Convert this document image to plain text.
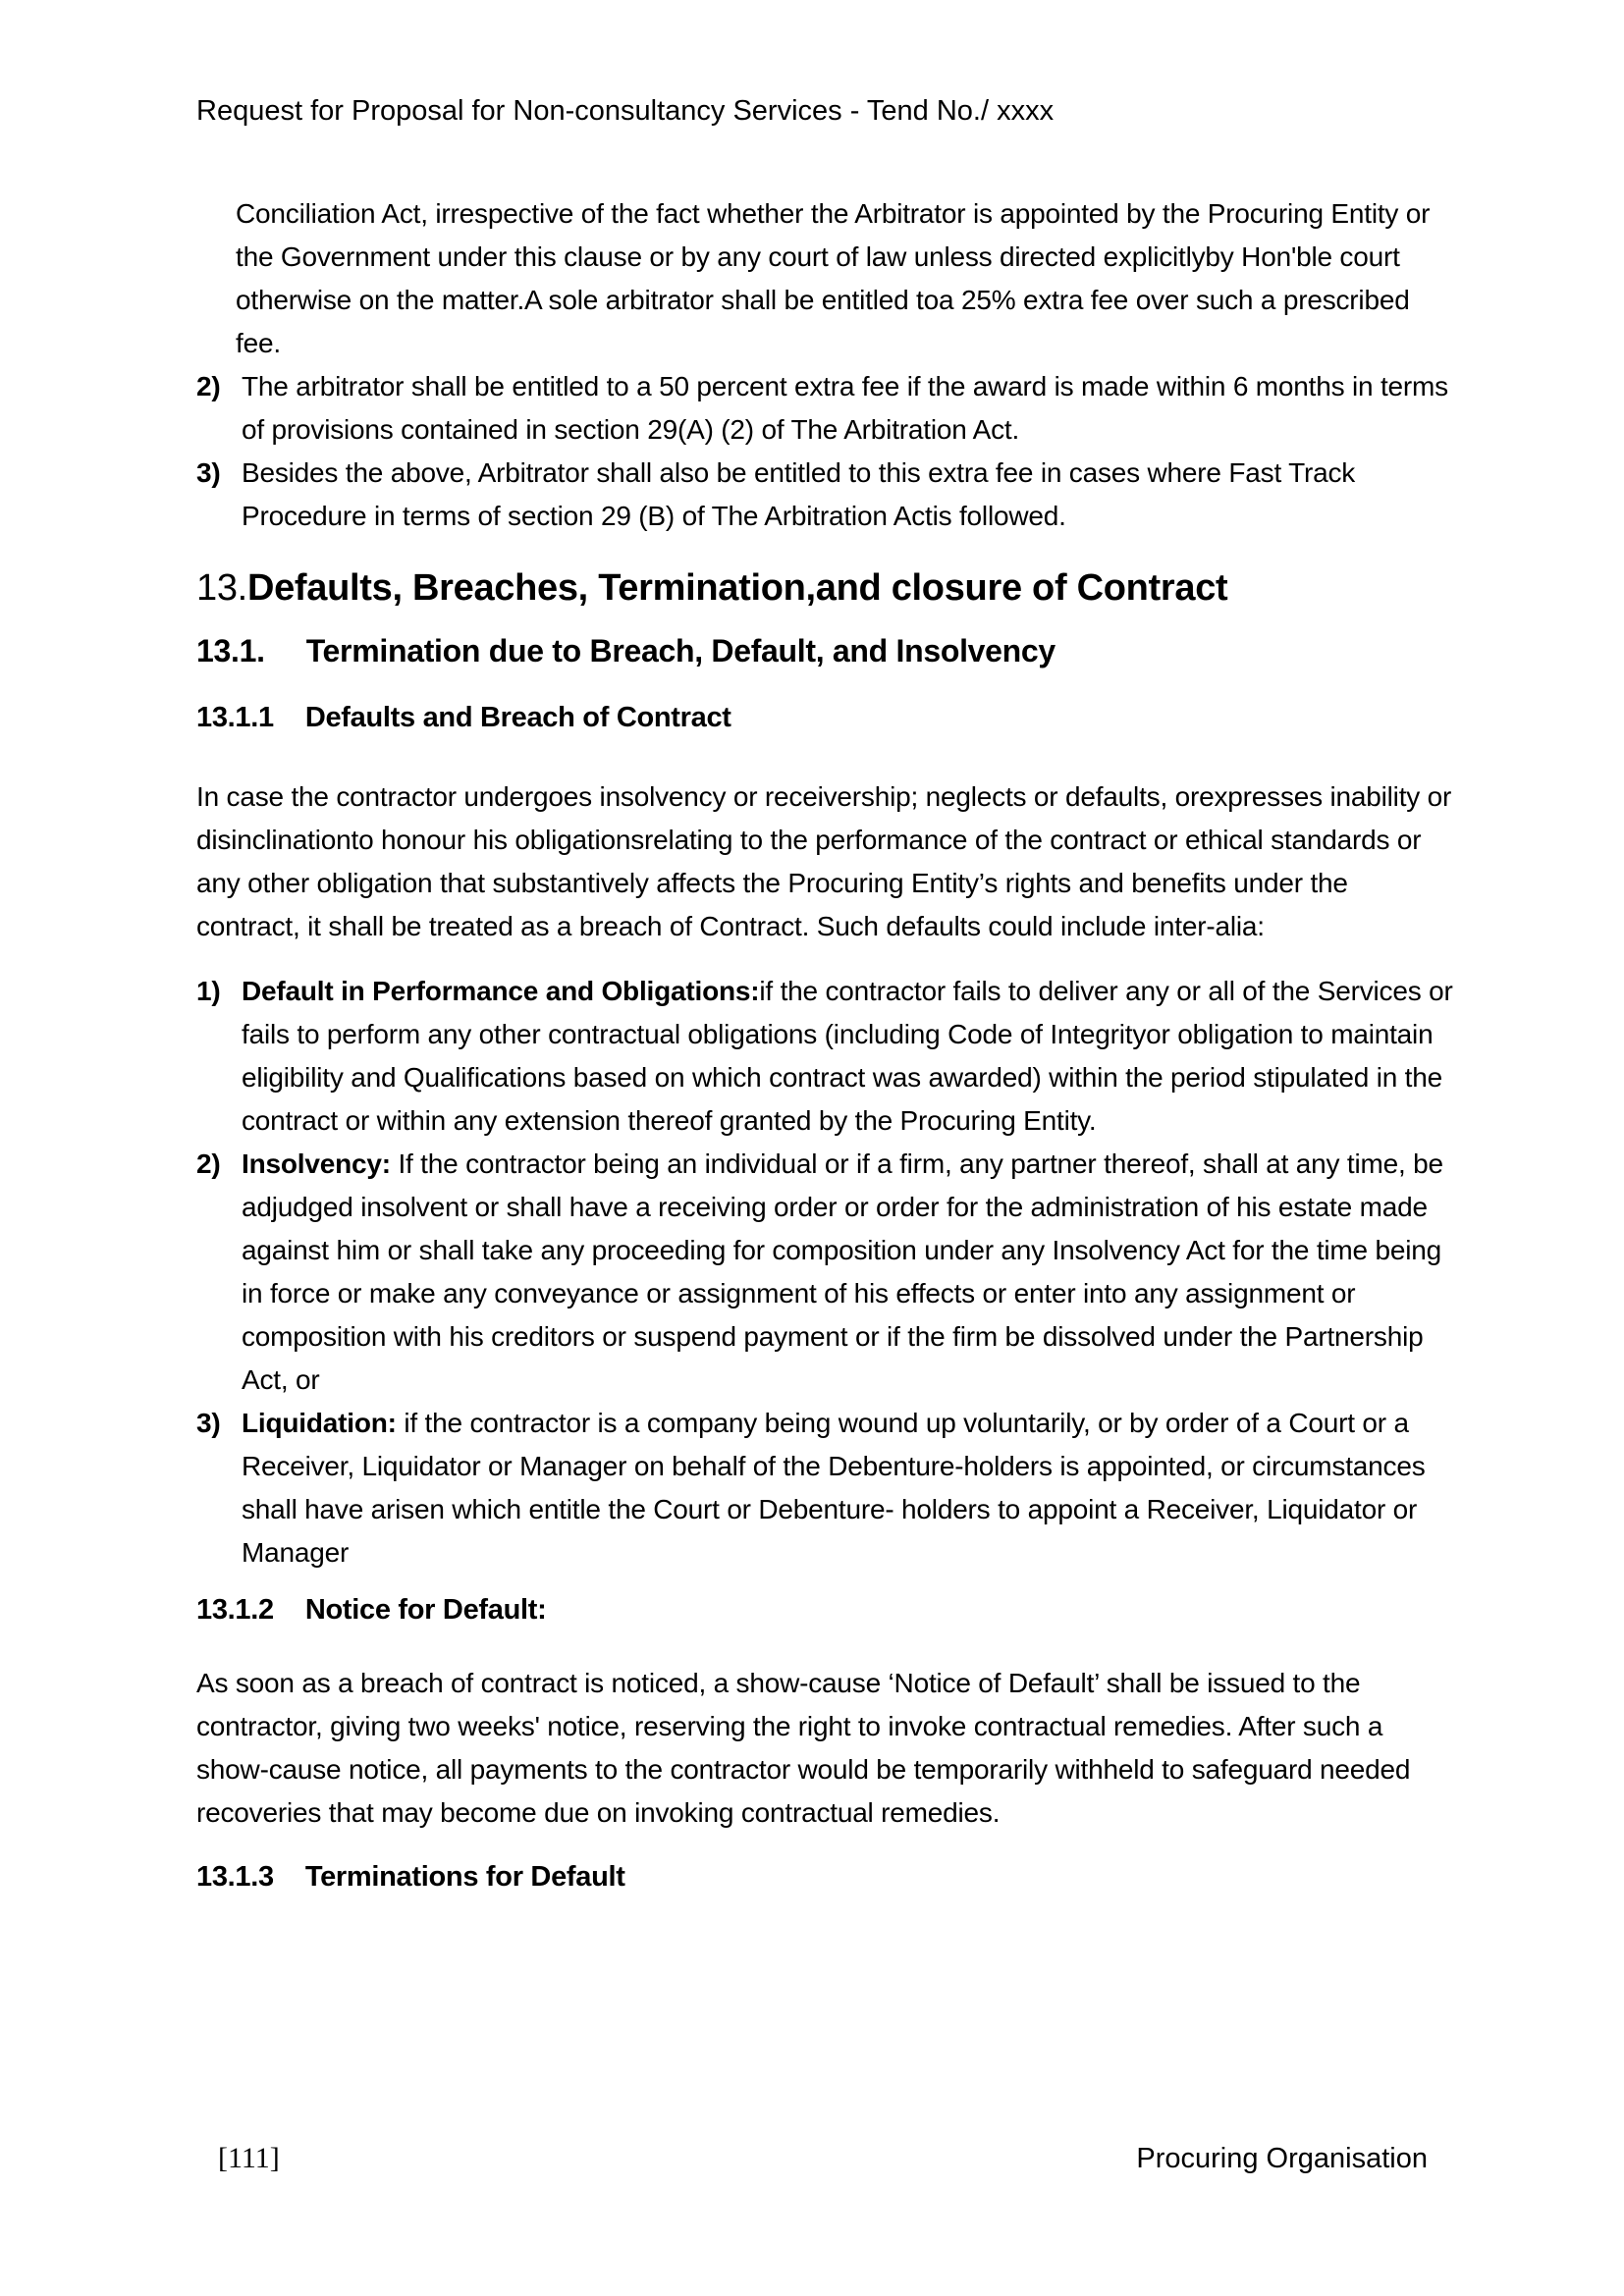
Request for Proposal for Non-consultancy Services - Tend No./ xxxx

Conciliation Act, irrespective of the fact whether the Arbitrator is appointed by the Procuring Entity or the Government under this clause or by any court of law unless directed explicitlyby Hon'ble court otherwise on the matter.A sole arbitrator shall be entitled toa 25% extra fee over such a prescribed fee.

2) The arbitrator shall be entitled to a 50 percent extra fee if the award is made within 6 months in terms of provisions contained in section 29(A) (2) of The Arbitration Act.
3) Besides the above, Arbitrator shall also be entitled to this extra fee in cases where Fast Track Procedure in terms of section 29 (B) of The Arbitration Actis followed.
13.Defaults, Breaches, Termination,and closure of Contract
13.1. Termination due to Breach, Default, and Insolvency
13.1.1 Defaults and Breach of Contract

In case the contractor undergoes insolvency or receivership; neglects or defaults, orexpresses inability or disinclinationto honour his obligationsrelating to the performance of the contract or ethical standards or any other obligation that substantively affects the Procuring Entity’s rights and benefits under the contract, it shall be treated as a breach of Contract. Such defaults could include inter-alia:

1) Default in Performance and Obligations:if the contractor fails to deliver any or all of the Services or fails to perform any other contractual obligations (including Code of Integrityor obligation to maintain eligibility and Qualifications based on which contract was awarded) within the period stipulated in the contract or within any extension thereof granted by the Procuring Entity.
2) Insolvency: If the contractor being an individual or if a firm, any partner thereof, shall at any time, be adjudged insolvent or shall have a receiving order or order for the administration of his estate made against him or shall take any proceeding for composition under any Insolvency Act for the time being in force or make any conveyance or assignment of his effects or enter into any assignment or composition with his creditors or suspend payment or if the firm be dissolved under the Partnership Act, or
3) Liquidation: if the contractor is a company being wound up voluntarily, or by order of a Court or a Receiver, Liquidator or Manager on behalf of the Debenture-holders is appointed, or circumstances shall have arisen which entitle the Court or Debenture- holders to appoint a Receiver, Liquidator or Manager
13.1.2 Notice for Default:

As soon as a breach of contract is noticed, a show-cause ‘Notice of Default’ shall be issued to the contractor, giving two weeks' notice, reserving the right to invoke contractual remedies. After such a show-cause notice, all payments to the contractor would be temporarily withheld to safeguard needed recoveries that may become due on invoking contractual remedies.

13.1.3 Terminations for Default
[111]	Procuring Organisation
